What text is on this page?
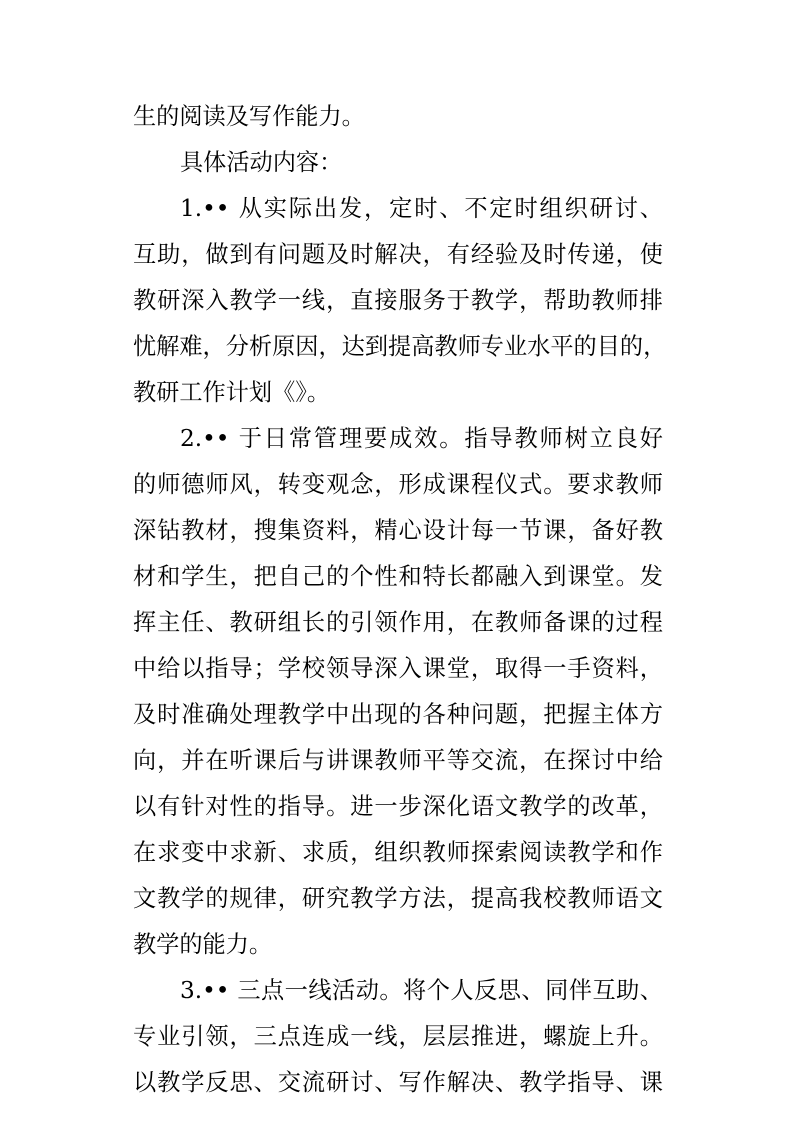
生的阅读及写作能力。
具体活动内容：
1.•• 从实际出发，定时、不定时组织研讨、
互助，做到有问题及时解决，有经验及时传递，使
教研深入教学一线，直接服务于教学，帮助教师排
忧解难，分析原因，达到提高教师专业水平的目的，
教研工作计划《》。
2.•• 于日常管理要成效。指导教师树立良好
的师德师风，转变观念，形成课程仪式。要求教师
深钻教材，搜集资料，精心设计每一节课，备好教
材和学生，把自己的个性和特长都融入到课堂。发
挥主任、教研组长的引领作用，在教师备课的过程
中给以指导；学校领导深入课堂，取得一手资料，
及时准确处理教学中出现的各种问题，把握主体方
向，并在听课后与讲课教师平等交流，在探讨中给
以有针对性的指导。进一步深化语文教学的改革，
在求变中求新、求质，组织教师探索阅读教学和作
文教学的规律，研究教学方法，提高我校教师语文
教学的能力。
3.•• 三点一线活动。将个人反思、同伴互助、
专业引领，三点连成一线，层层推进，螺旋上升。
以教学反思、交流研讨、写作解决、教学指导、课
